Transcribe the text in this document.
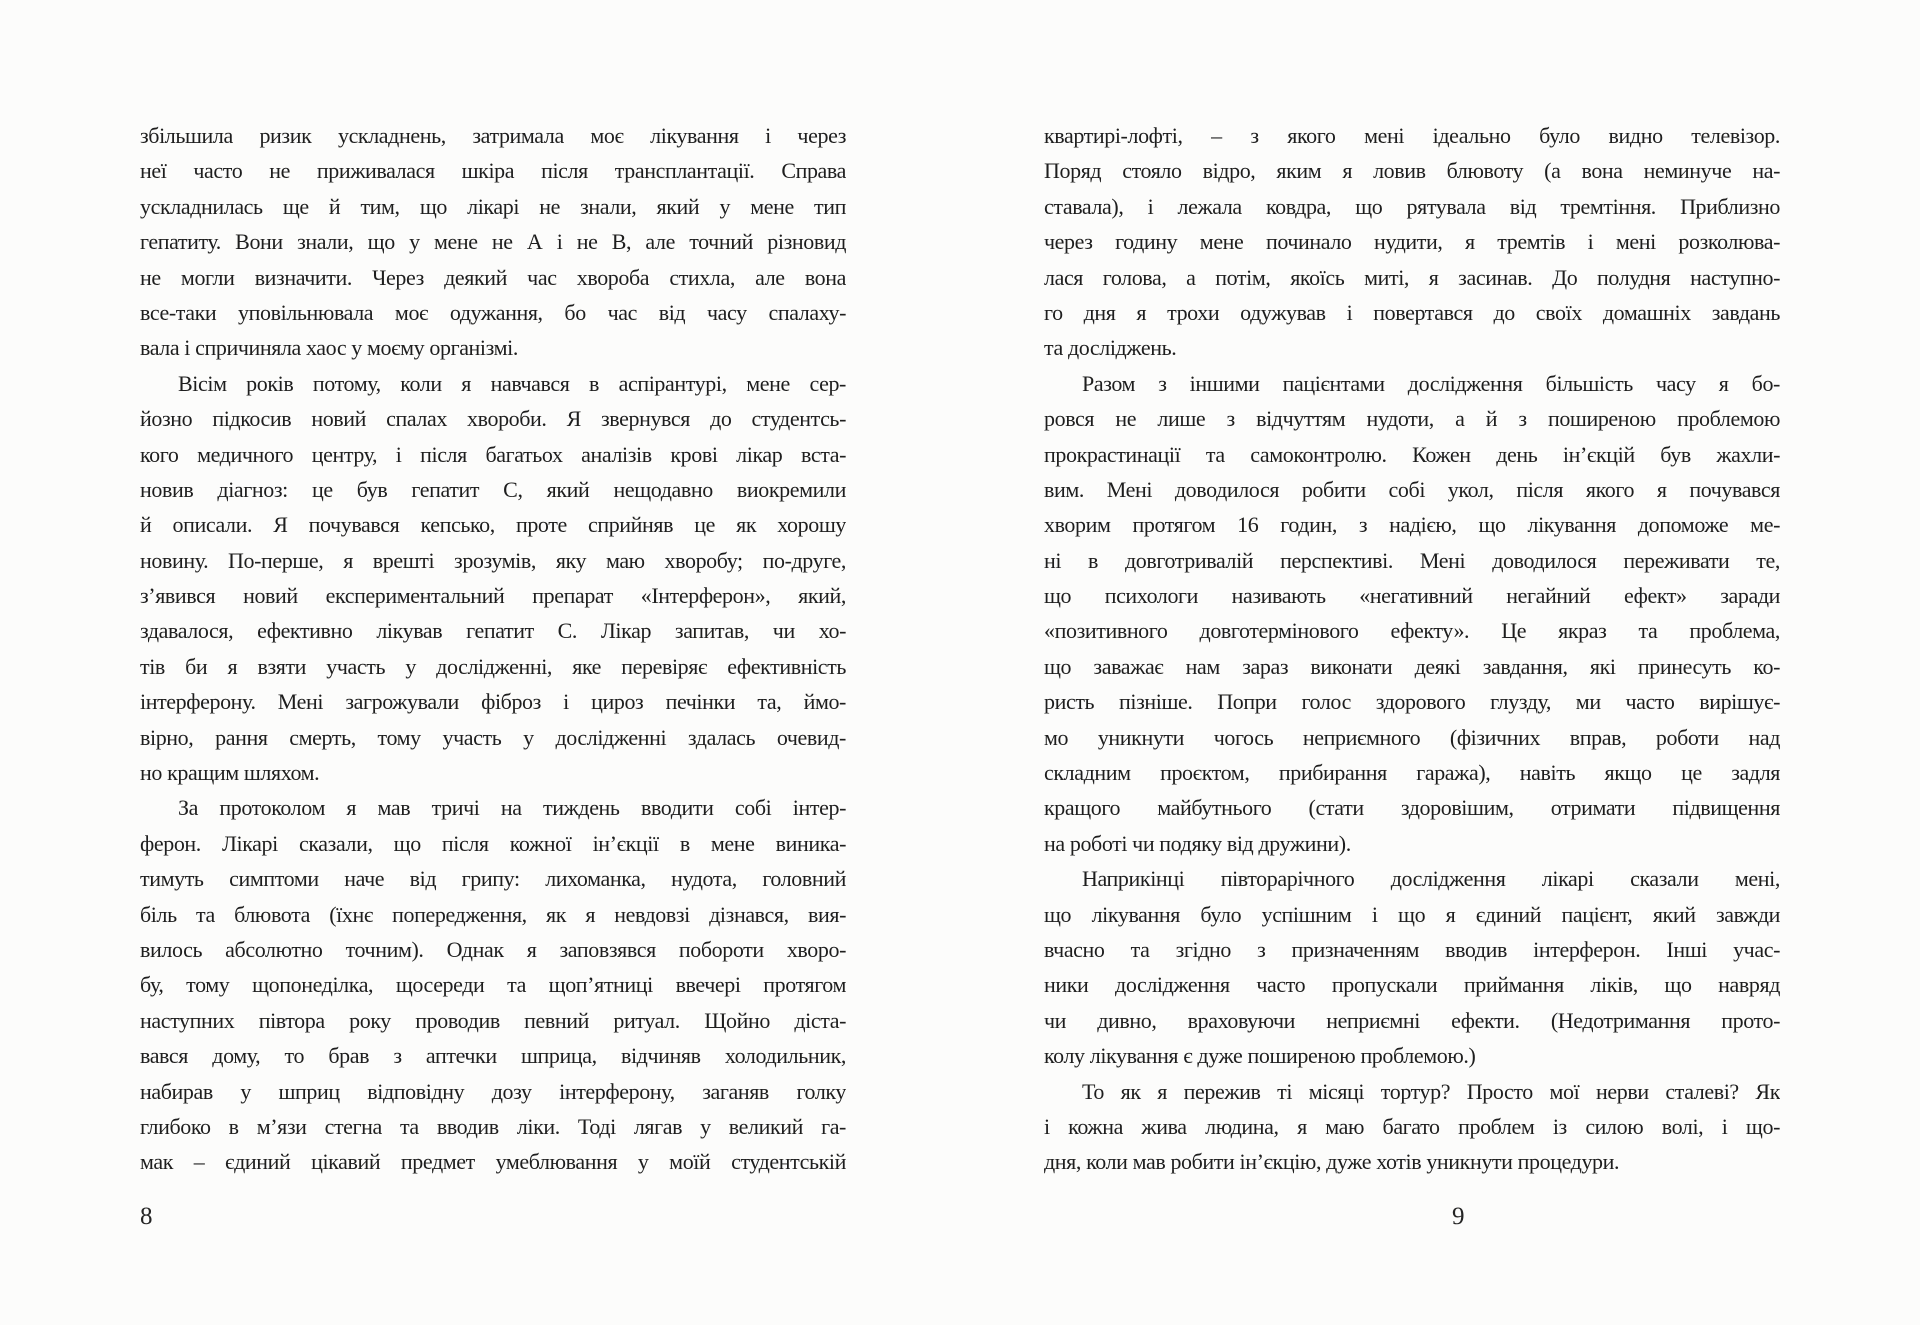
збільшила ризик ускладнень, затримала моє лікування і через
неї часто не приживалася шкіра після трансплантації. Справа
ускладнилась ще й тим, що лікарі не знали, який у мене тип
гепатиту. Вони знали, що у мене не А і не В, але точний різновид
не могли визначити. Через деякий час хвороба стихла, але вона
все-таки уповільнювала моє одужання, бо час від часу спалаху-
вала і спричиняла хаос у моєму організмі.
Вісім років потому, коли я навчався в аспірантурі, мене сер-
йозно підкосив новий спалах хвороби. Я звернувся до студентсь-
кого медичного центру, і після багатьох аналізів крові лікар вста-
новив діагноз: це був гепатит С, який нещодавно виокремили
й описали. Я почувався кепсько, проте сприйняв це як хорошу
новину. По-перше, я врешті зрозумів, яку маю хворобу; по-друге,
з’явився новий експериментальний препарат «Інтерферон», який,
здавалося, ефективно лікував гепатит С. Лікар запитав, чи хо-
тів би я взяти участь у дослідженні, яке перевіряє ефективність
інтерферону. Мені загрожували фіброз і цироз печінки та, ймо-
вірно, рання смерть, тому участь у дослідженні здалась очевид-
но кращим шляхом.
За протоколом я мав тричі на тиждень вводити собі інтер-
ферон. Лікарі сказали, що після кожної ін’єкції в мене виника-
тимуть симптоми наче від грипу: лихоманка, нудота, головний
біль та блювота (їхнє попередження, як я невдовзі дізнався, вия-
вилось абсолютно точним). Однак я заповзявся побороти хворо-
бу, тому щопонеділка, щосереди та щоп’ятниці ввечері протягом
наступних півтора року проводив певний ритуал. Щойно діста-
вався дому, то брав з аптечки шприца, відчиняв холодильник,
набирав у шприц відповідну дозу інтерферону, заганяв голку
глибоко в м’язи стегна та вводив ліки. Тоді лягав у великий га-
мак – єдиний цікавий предмет умеблювання у моїй студентській
8
квартирі-лофті, – з якого мені ідеально було видно телевізор.
Поряд стояло відро, яким я ловив блювоту (а вона неминуче на-
ставала), і лежала ковдра, що рятувала від тремтіння. Приблизно
через годину мене починало нудити, я тремтів і мені розколюва-
лася голова, а потім, якоїсь миті, я засинав. До полудня наступно-
го дня я трохи одужував і повертався до своїх домашніх завдань
та досліджень.
Разом з іншими пацієнтами дослідження більшість часу я бо-
ровся не лише з відчуттям нудоти, а й з поширеною проблемою
прокрастинації та самоконтролю. Кожен день ін’єкцій був жахли-
вим. Мені доводилося робити собі укол, після якого я почувався
хворим протягом 16 годин, з надією, що лікування допоможе ме-
ні в довготривалій перспективі. Мені доводилося переживати те,
що психологи називають «негативний негайний ефект» заради
«позитивного довготермінового ефекту». Це якраз та проблема,
що заважає нам зараз виконати деякі завдання, які принесуть ко-
ристь пізніше. Попри голос здорового глузду, ми часто вирішує-
мо уникнути чогось неприємного (фізичних вправ, роботи над
складним проєктом, прибирання гаража), навіть якщо це задля
кращого майбутнього (стати здоровішим, отримати підвищення
на роботі чи подяку від дружини).
Наприкінці півторарічного дослідження лікарі сказали мені,
що лікування було успішним і що я єдиний пацієнт, який завжди
вчасно та згідно з призначенням вводив інтерферон. Інші учас-
ники дослідження часто пропускали приймання ліків, що навряд
чи дивно, враховуючи неприємні ефекти. (Недотримання прото-
колу лікування є дуже поширеною проблемою.)
То як я пережив ті місяці тортур? Просто мої нерви сталеві? Як
і кожна жива людина, я маю багато проблем із силою волі, і що-
дня, коли мав робити ін’єкцію, дуже хотів уникнути процедури.
9
